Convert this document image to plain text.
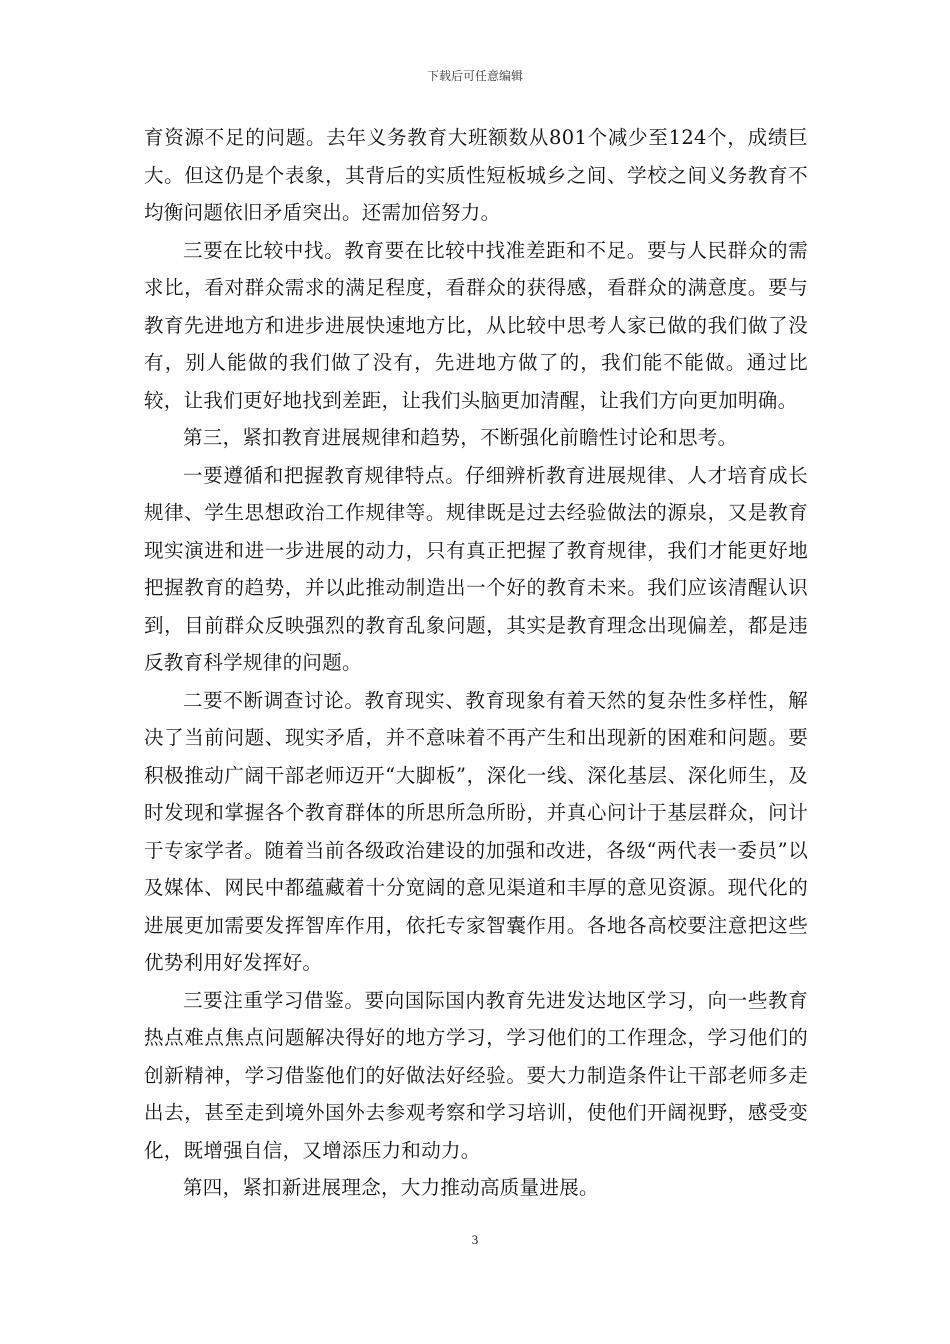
下载后可任意编辑

育资源不足的问题。去年义务教育大班额数从801个减少至124个，成绩巨大。但这仍是个表象，其背后的实质性短板城乡之间、学校之间义务教育不均衡问题依旧矛盾突出。还需加倍努力。

三要在比较中找。教育要在比较中找准差距和不足。要与人民群众的需求比，看对群众需求的满足程度，看群众的获得感，看群众的满意度。要与教育先进地方和进步进展快速地方比，从比较中思考人家已做的我们做了没有，别人能做的我们做了没有，先进地方做了的，我们能不能做。通过比较，让我们更好地找到差距，让我们头脑更加清醒，让我们方向更加明确。

第三，紧扣教育进展规律和趋势，不断强化前瞻性讨论和思考。

一要遵循和把握教育规律特点。仔细辨析教育进展规律、人才培育成长规律、学生思想政治工作规律等。规律既是过去经验做法的源泉，又是教育现实演进和进一步进展的动力，只有真正把握了教育规律，我们才能更好地把握教育的趋势，并以此推动制造出一个好的教育未来。我们应该清醒认识到，目前群众反映强烈的教育乱象问题，其实是教育理念出现偏差，都是违反教育科学规律的问题。

二要不断调查讨论。教育现实、教育现象有着天然的复杂性多样性，解决了当前问题、现实矛盾，并不意味着不再产生和出现新的困难和问题。要积极推动广阔干部老师迈开“大脚板”，深化一线、深化基层、深化师生，及时发现和掌握各个教育群体的所思所急所盼，并真心问计于基层群众，问计于专家学者。随着当前各级政治建设的加强和改进，各级“两代表一委员”以及媒体、网民中都蕴藏着十分宽阔的意见渠道和丰厚的意见资源。现代化的进展更加需要发挥智库作用，依托专家智囊作用。各地各高校要注意把这些优势利用好发挥好。

三要注重学习借鉴。要向国际国内教育先进发达地区学习，向一些教育热点难点焦点问题解决得好的地方学习，学习他们的工作理念，学习他们的创新精神，学习借鉴他们的好做法好经验。要大力制造条件让干部老师多走出去，甚至走到境外国外去参观考察和学习培训，使他们开阔视野，感受变化，既增强自信，又增添压力和动力。

第四，紧扣新进展理念，大力推动高质量进展。

3
